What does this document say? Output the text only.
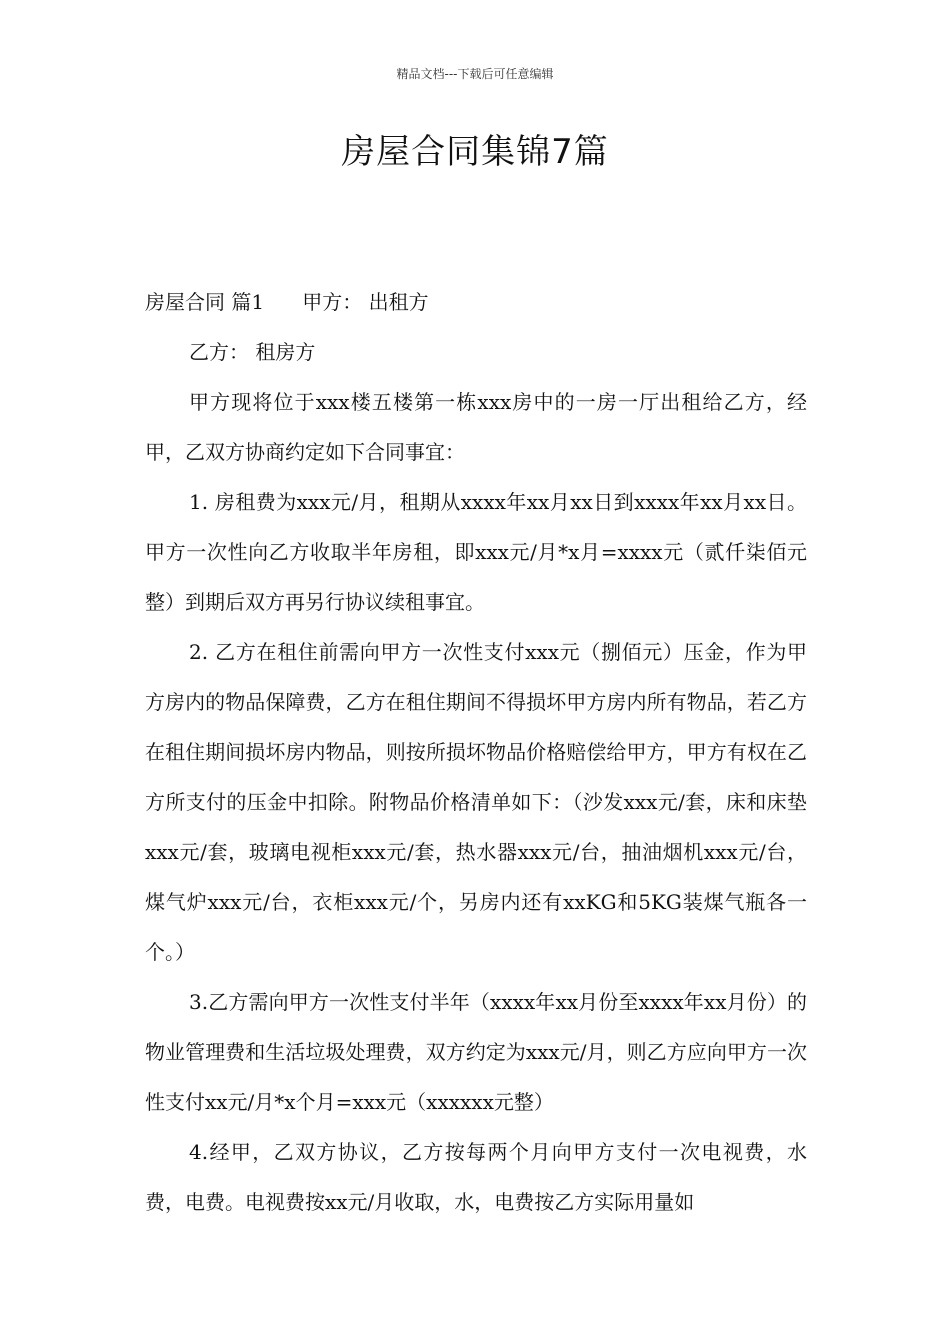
精品文档---下载后可任意编辑
房屋合同集锦7篇

房屋合同 篇1 甲方： 出租方

乙方： 租房方

甲方现将位于xxx楼五楼第一栋xxx房中的一房一厅出租给乙方，经甲，乙双方协商约定如下合同事宜：

1. 房租费为xxx元/月，租期从xxxx年xx月xx日到xxxx年xx月xx日。甲方一次性向乙方收取半年房租，即xxx元/月*x月=xxxx元（贰仟柒佰元整）到期后双方再另行协议续租事宜。

2. 乙方在租住前需向甲方一次性支付xxx元（捌佰元）压金，作为甲方房内的物品保障费，乙方在租住期间不得损坏甲方房内所有物品，若乙方在租住期间损坏房内物品，则按所损坏物品价格赔偿给甲方，甲方有权在乙方所支付的压金中扣除。附物品价格清单如下：（沙发xxx元/套，床和床垫xxx元/套，玻璃电视柜xxx元/套，热水器xxx元/台，抽油烟机xxx元/台，煤气炉xxx元/台，衣柜xxx元/个，另房内还有xxKG和5KG装煤气瓶各一个。）

3.乙方需向甲方一次性支付半年（xxxx年xx月份至xxxx年xx月份）的物业管理费和生活垃圾处理费，双方约定为xxx元/月，则乙方应向甲方一次性支付xx元/月*x个月=xxx元（xxxxxx元整）

4.经甲，乙双方协议，乙方按每两个月向甲方支付一次电视费，水费，电费。电视费按xx元/月收取，水，电费按乙方实际用量如
